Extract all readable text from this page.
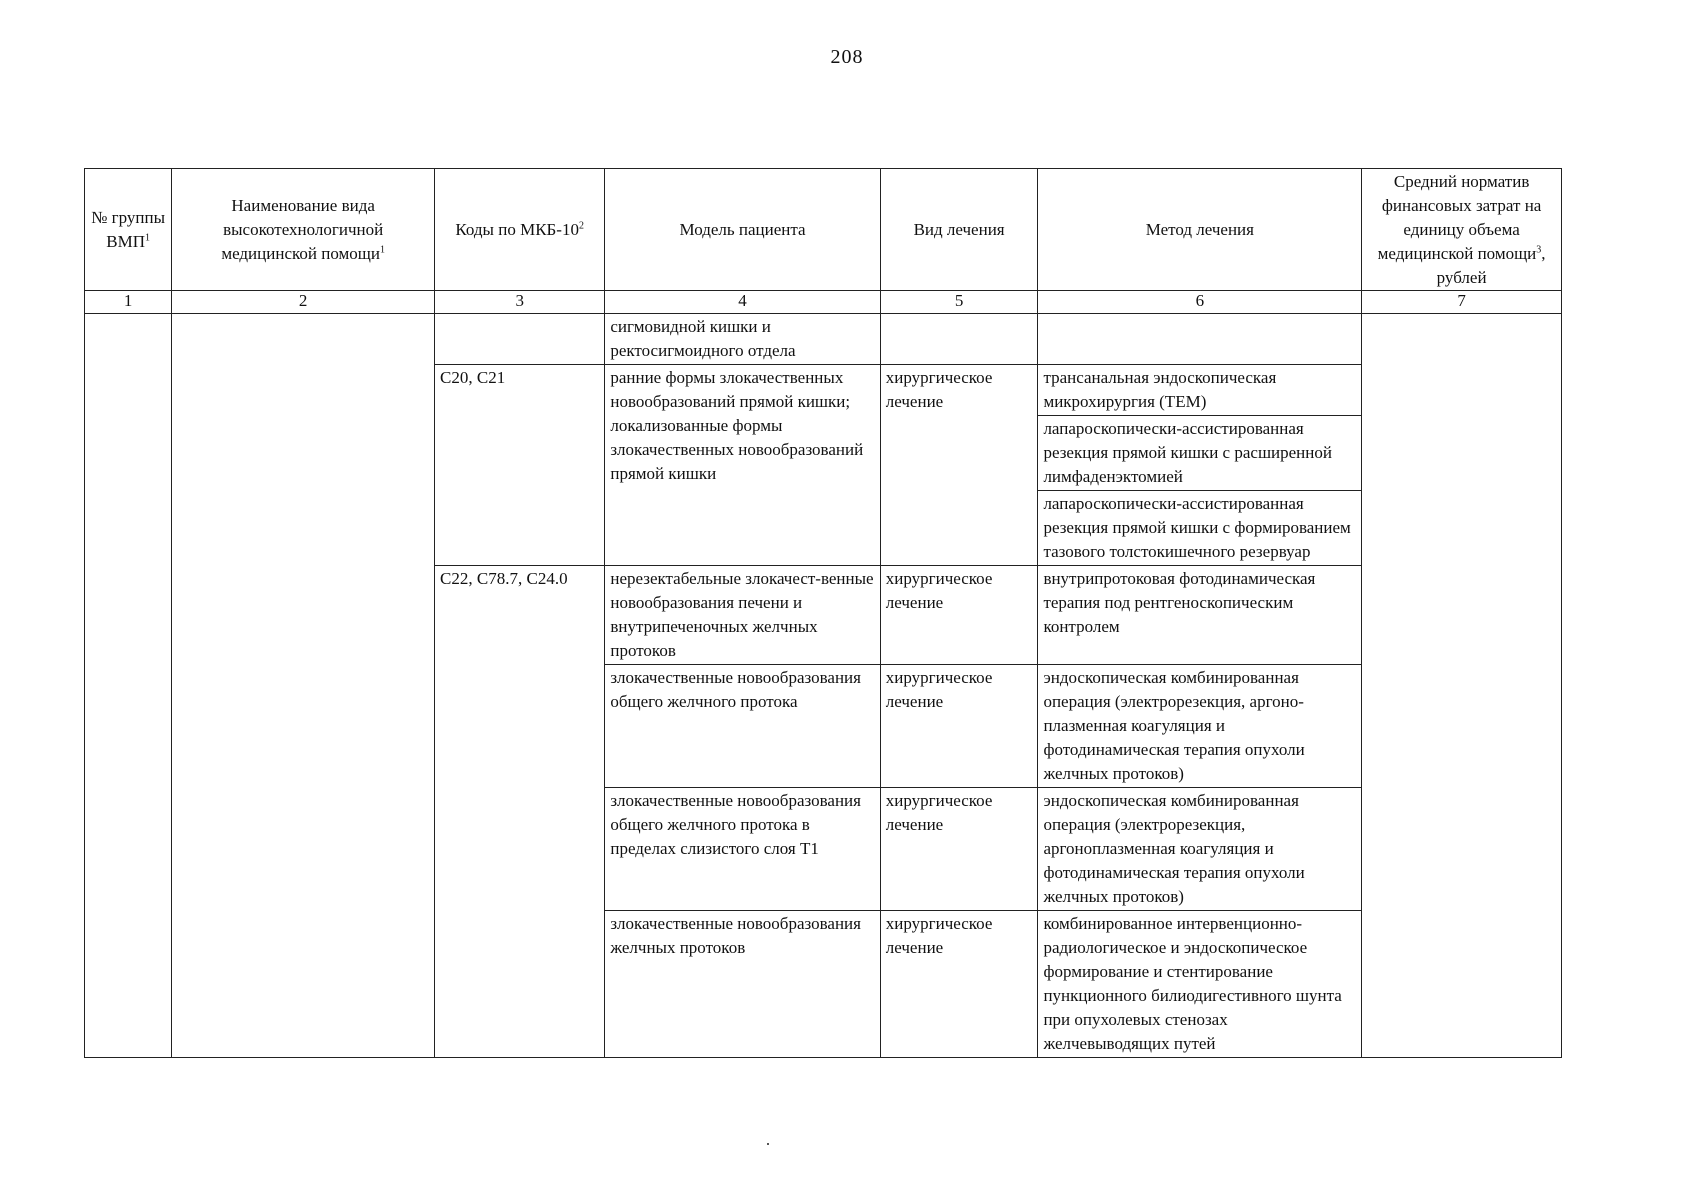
208
№ группы ВМП$^1$	Наименование вида высокотехнологичной медицинской помощи$^1$	Коды по МКБ-$10^2$	Модель пациента	Вид лечения	Метод лечения	Средний норматив финансовых затрат на единицу объема медицинской помощи$^3$, рублей
1	2	3	4	5	6	7
			сигмовидной кишки и ректосигмоидного отдела			
		C20, C21	ранние формы злокачественных новообразований прямой кишки; локализованные формы злокачественных новообразований прямой кишки	хирургическое лечение	трансанальная эндоскопическая микрохирургия (ТЕМ)	
					лапароскопически-ассистированная резекция прямой кишки с расширенной лимфаденэктомией	
					лапароскопически-ассистированная резекция прямой кишки с формированием тазового толстокишечного резервуар	
		C22, C78.7, C24.0	нерезектабельные злокачест-венные новообразования печени и внутрипеченочных желчных протоков	хирургическое лечение	внутрипротоковая фотодинамическая терапия под рентгеноскопическим контролем	
			злокачественные новообразования общего желчного протока	хирургическое лечение	эндоскопическая комбинированная операция (электрорезекция, аргоно-плазменная коагуляция и фотодинамическая терапия опухоли желчных протоков)	
			злокачественные новообразования общего желчного протока в пределах слизистого слоя T1	хирургическое лечение	эндоскопическая комбинированная операция (электрорезекция, аргоноплазменная коагуляция и фотодинамическая терапия опухоли желчных протоков)	
			злокачественные новообразования желчных протоков	хирургическое лечение	комбинированное интервенционно-радиологическое и эндоскопическое формирование и стентирование пункционного билиодигестивного шунта при опухолевых стенозах желчевыводящих путей	
